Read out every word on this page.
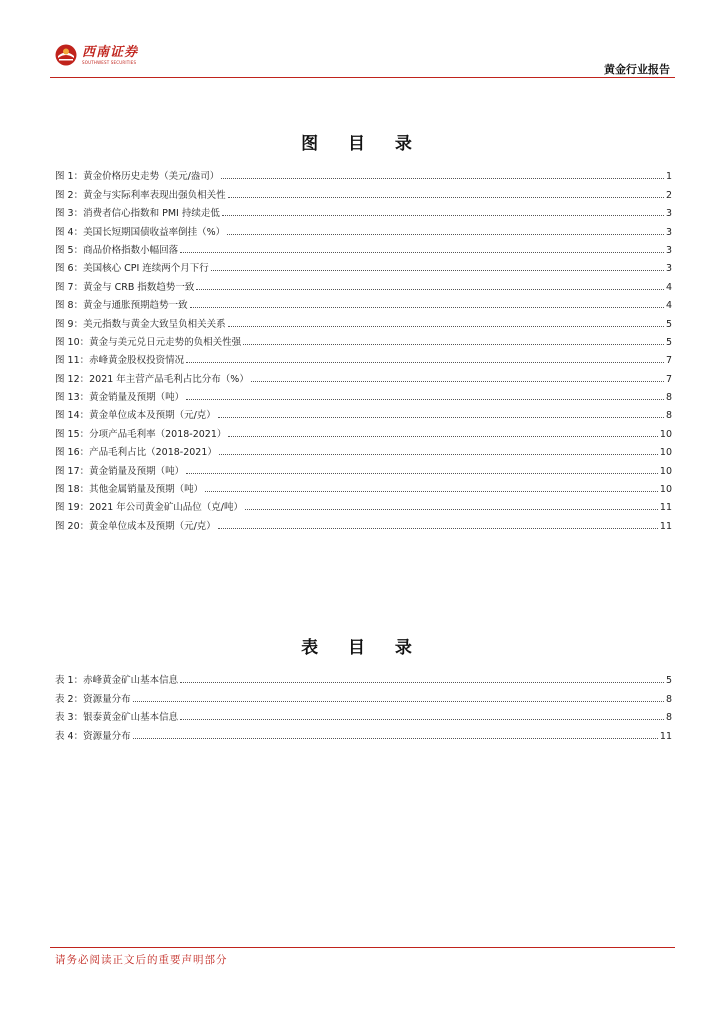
西南证券
SOUTHWEST SECURITIES
黄金行业报告
图 目 录
图 1：黄金价格历史走势（美元/盎司）	1
图 2：黄金与实际利率表现出强负相关性	2
图 3：消费者信心指数和 PMI 持续走低	3
图 4：美国长短期国债收益率倒挂（%）	3
图 5：商品价格指数小幅回落	3
图 6：美国核心 CPI 连续两个月下行	3
图 7：黄金与 CRB 指数趋势一致	4
图 8：黄金与通胀预期趋势一致	4
图 9：美元指数与黄金大致呈负相关关系	5
图 10：黄金与美元兑日元走势的负相关性强	5
图 11：赤峰黄金股权投资情况	7
图 12：2021 年主营产品毛利占比分布（%）	7
图 13：黄金销量及预期（吨）	8
图 14：黄金单位成本及预期（元/克）	8
图 15：分项产品毛利率（2018-2021）	10
图 16：产品毛利占比（2018-2021）	10
图 17：黄金销量及预期（吨）	10
图 18：其他金属销量及预期（吨）	10
图 19：2021 年公司黄金矿山品位（克/吨）	11
图 20：黄金单位成本及预期（元/克）	11
表 目 录
表 1：赤峰黄金矿山基本信息	5
表 2：资源量分布	8
表 3：银泰黄金矿山基本信息	8
表 4：资源量分布	11
请务必阅读正文后的重要声明部分
